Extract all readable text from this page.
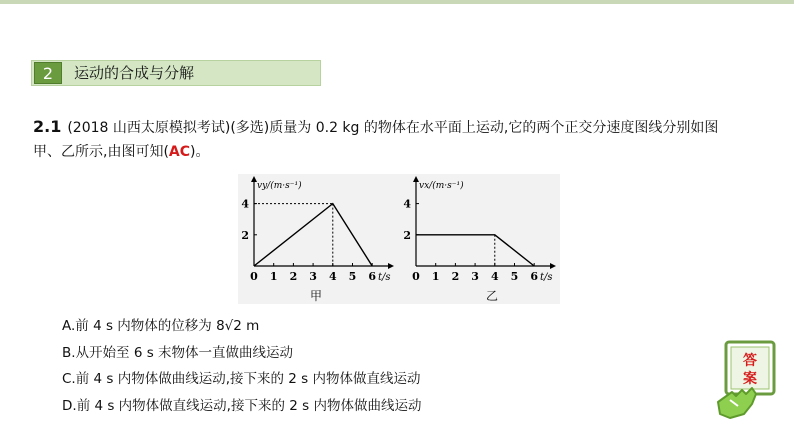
2	运动的合成与分解
2.1 (2018 山西太原模拟考试)(多选)质量为 0.2 kg 的物体在水平面上运动,它的两个正交分速度图线分别如图甲、乙所示,由图可知(AC)。
vy/(m·s⁻¹)
t/s
0 1 2 3 4 5 6
2
4
vx/(m·s⁻¹)
t/s
0 1 2 3 4 5 6
2
4
甲	乙
A.前 4 s 内物体的位移为 8√2 m
B.从开始至 6 s 末物体一直做曲线运动
C.前 4 s 内物体做曲线运动,接下来的 2 s 内物体做直线运动
D.前 4 s 内物体做直线运动,接下来的 2 s 内物体做曲线运动
答
案
